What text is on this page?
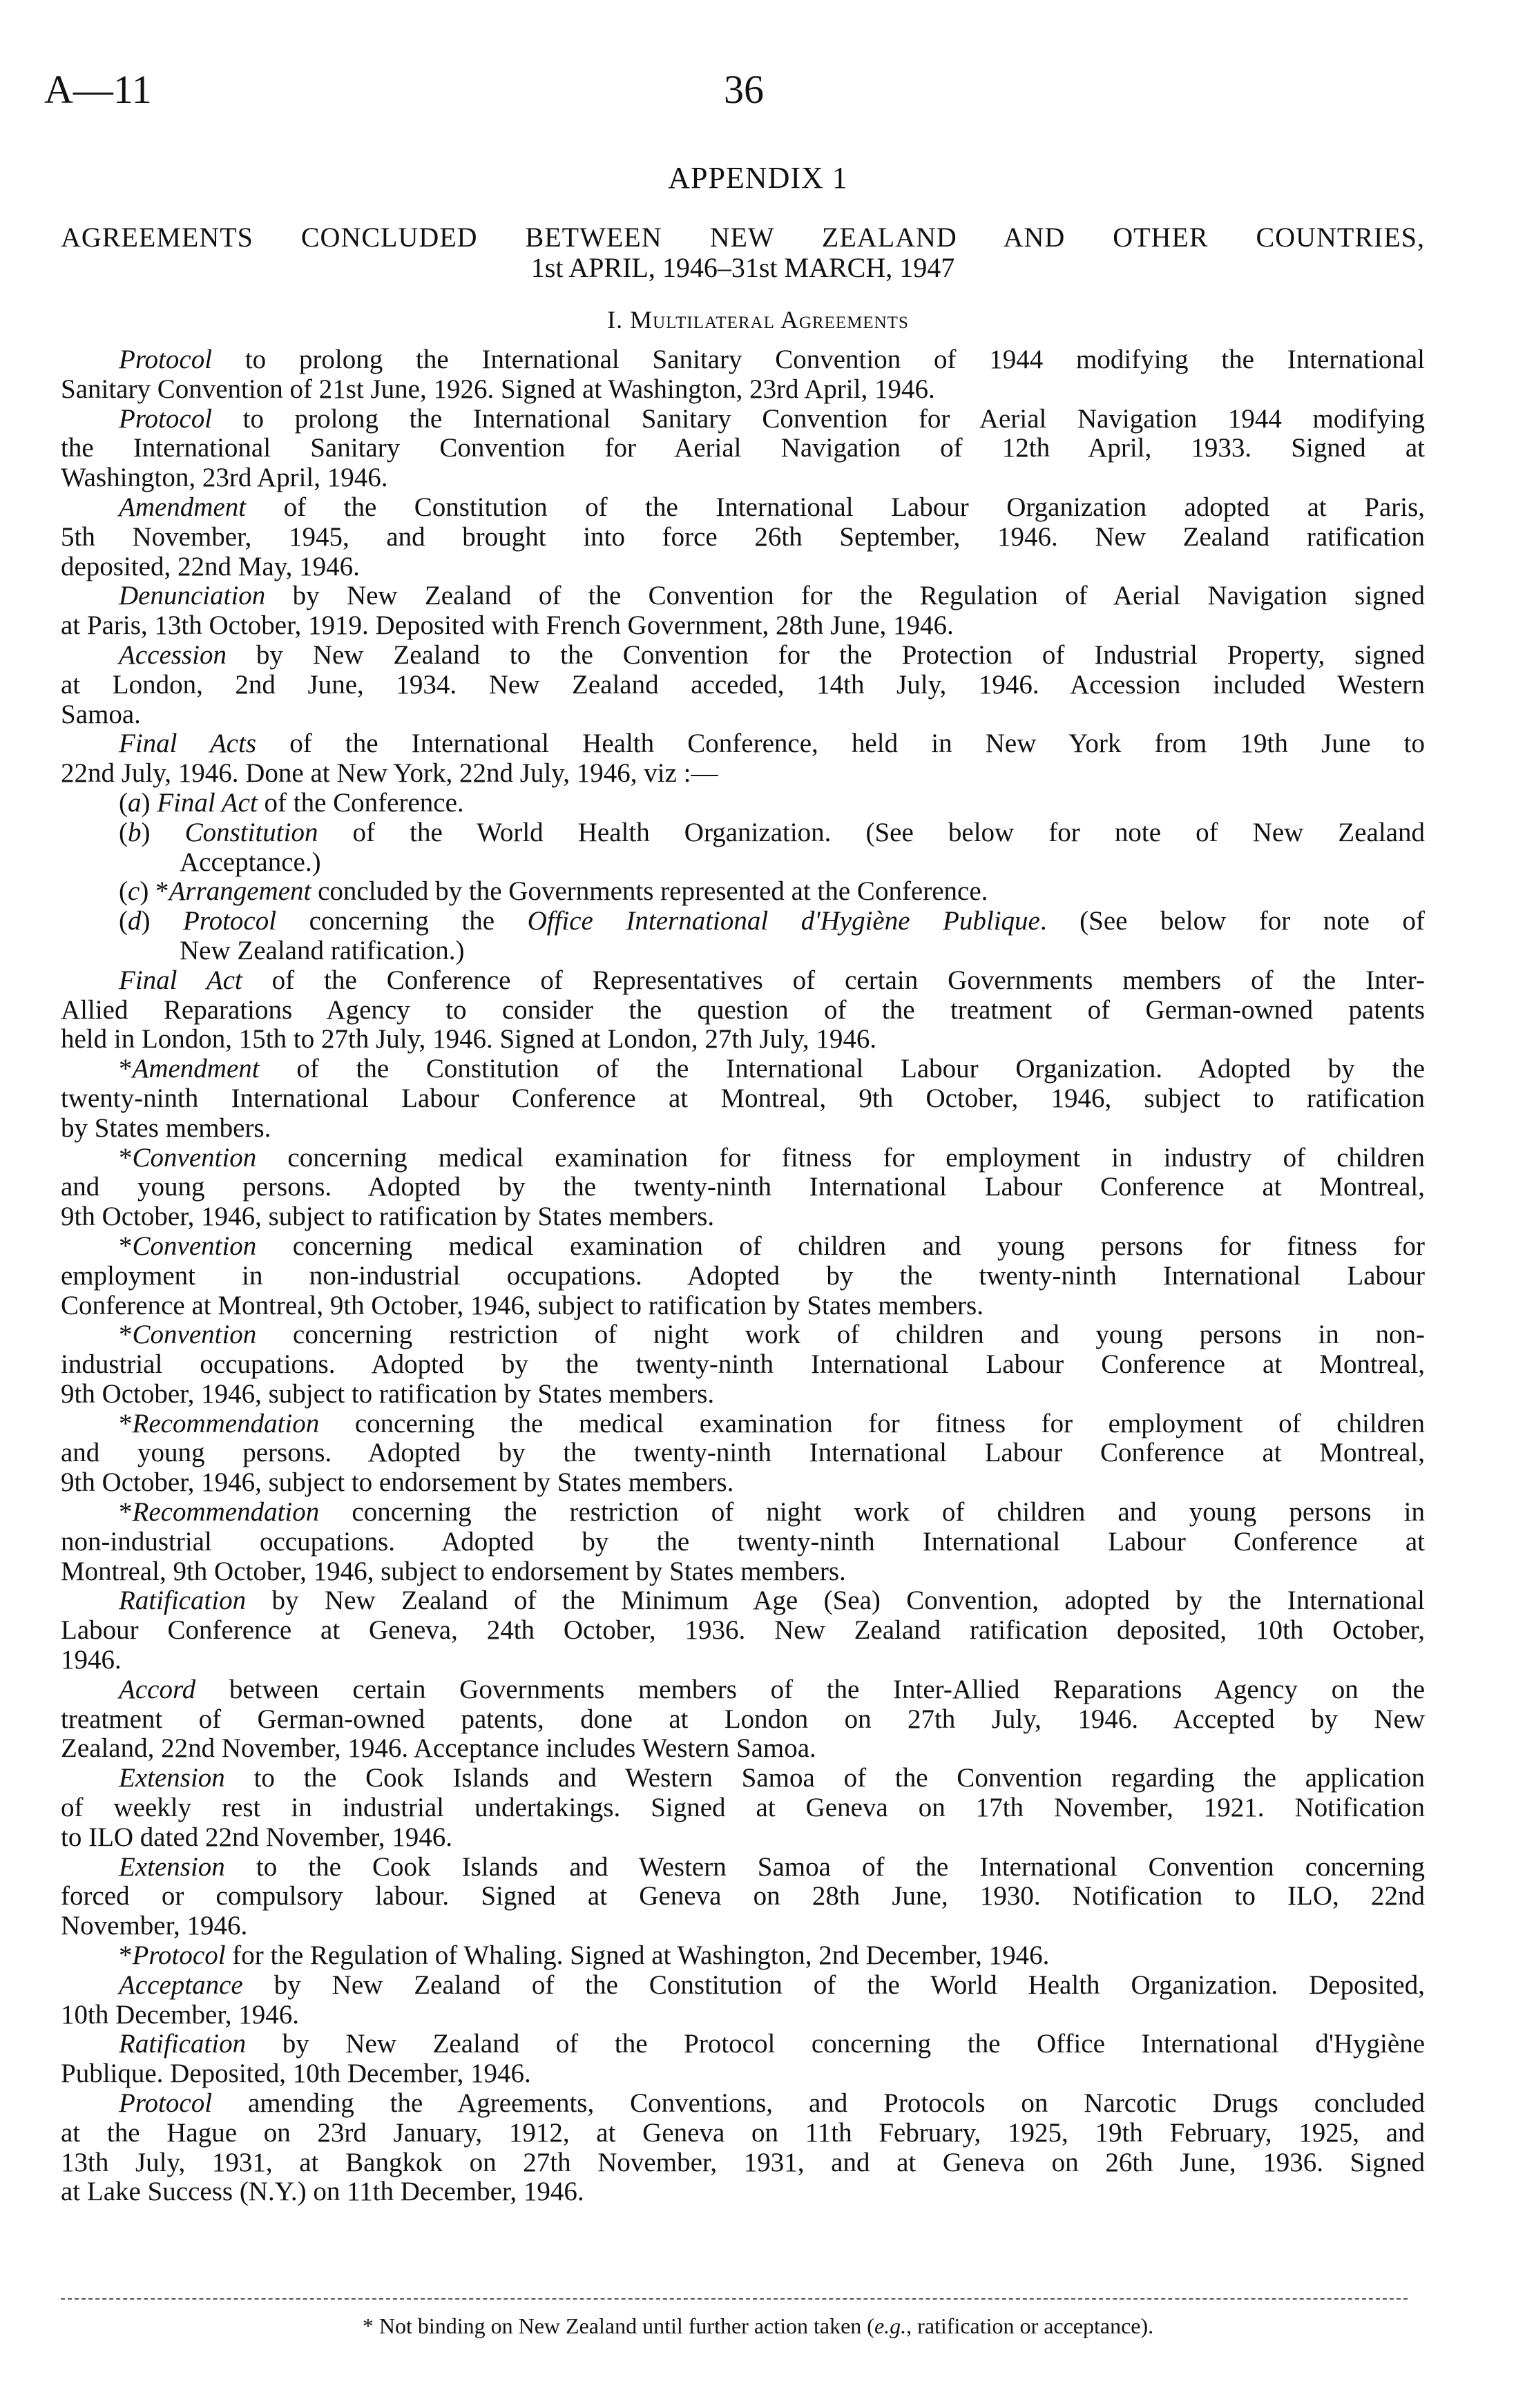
A—11	36
APPENDIX 1
AGREEMENTS CONCLUDED BETWEEN NEW ZEALAND AND OTHER COUNTRIES,
1st APRIL, 1946–31st MARCH, 1947
I. Multilateral Agreements
Protocol to prolong the International Sanitary Convention of 1944 modifying the International
Sanitary Convention of 21st June, 1926. Signed at Washington, 23rd April, 1946.
Protocol to prolong the International Sanitary Convention for Aerial Navigation 1944 modifying
the International Sanitary Convention for Aerial Navigation of 12th April, 1933. Signed at
Washington, 23rd April, 1946.
Amendment of the Constitution of the International Labour Organization adopted at Paris,
5th November, 1945, and brought into force 26th September, 1946. New Zealand ratification
deposited, 22nd May, 1946.
Denunciation by New Zealand of the Convention for the Regulation of Aerial Navigation signed
at Paris, 13th October, 1919. Deposited with French Government, 28th June, 1946.
Accession by New Zealand to the Convention for the Protection of Industrial Property, signed
at London, 2nd June, 1934. New Zealand acceded, 14th July, 1946. Accession included Western
Samoa.
Final Acts of the International Health Conference, held in New York from 19th June to
22nd July, 1946. Done at New York, 22nd July, 1946, viz :—
(a) Final Act of the Conference.
(b) Constitution of the World Health Organization. (See below for note of New Zealand
Acceptance.)
(c) *Arrangement concluded by the Governments represented at the Conference.
(d) Protocol concerning the Office International d'Hygiène Publique. (See below for note of
New Zealand ratification.)
Final Act of the Conference of Representatives of certain Governments members of the Inter-
Allied Reparations Agency to consider the question of the treatment of German-owned patents
held in London, 15th to 27th July, 1946. Signed at London, 27th July, 1946.
*Amendment of the Constitution of the International Labour Organization. Adopted by the
twenty-ninth International Labour Conference at Montreal, 9th October, 1946, subject to ratification
by States members.
*Convention concerning medical examination for fitness for employment in industry of children
and young persons. Adopted by the twenty-ninth International Labour Conference at Montreal,
9th October, 1946, subject to ratification by States members.
*Convention concerning medical examination of children and young persons for fitness for
employment in non-industrial occupations. Adopted by the twenty-ninth International Labour
Conference at Montreal, 9th October, 1946, subject to ratification by States members.
*Convention concerning restriction of night work of children and young persons in non-
industrial occupations. Adopted by the twenty-ninth International Labour Conference at Montreal,
9th October, 1946, subject to ratification by States members.
*Recommendation concerning the medical examination for fitness for employment of children
and young persons. Adopted by the twenty-ninth International Labour Conference at Montreal,
9th October, 1946, subject to endorsement by States members.
*Recommendation concerning the restriction of night work of children and young persons in
non-industrial occupations. Adopted by the twenty-ninth International Labour Conference at
Montreal, 9th October, 1946, subject to endorsement by States members.
Ratification by New Zealand of the Minimum Age (Sea) Convention, adopted by the International
Labour Conference at Geneva, 24th October, 1936. New Zealand ratification deposited, 10th October,
1946.
Accord between certain Governments members of the Inter-Allied Reparations Agency on the
treatment of German-owned patents, done at London on 27th July, 1946. Accepted by New
Zealand, 22nd November, 1946. Acceptance includes Western Samoa.
Extension to the Cook Islands and Western Samoa of the Convention regarding the application
of weekly rest in industrial undertakings. Signed at Geneva on 17th November, 1921. Notification
to ILO dated 22nd November, 1946.
Extension to the Cook Islands and Western Samoa of the International Convention concerning
forced or compulsory labour. Signed at Geneva on 28th June, 1930. Notification to ILO, 22nd
November, 1946.
*Protocol for the Regulation of Whaling. Signed at Washington, 2nd December, 1946.
Acceptance by New Zealand of the Constitution of the World Health Organization. Deposited,
10th December, 1946.
Ratification by New Zealand of the Protocol concerning the Office International d'Hygiène
Publique. Deposited, 10th December, 1946.
Protocol amending the Agreements, Conventions, and Protocols on Narcotic Drugs concluded
at the Hague on 23rd January, 1912, at Geneva on 11th February, 1925, 19th February, 1925, and
13th July, 1931, at Bangkok on 27th November, 1931, and at Geneva on 26th June, 1936. Signed
at Lake Success (N.Y.) on 11th December, 1946.
* Not binding on New Zealand until further action taken (e.g., ratification or acceptance).
